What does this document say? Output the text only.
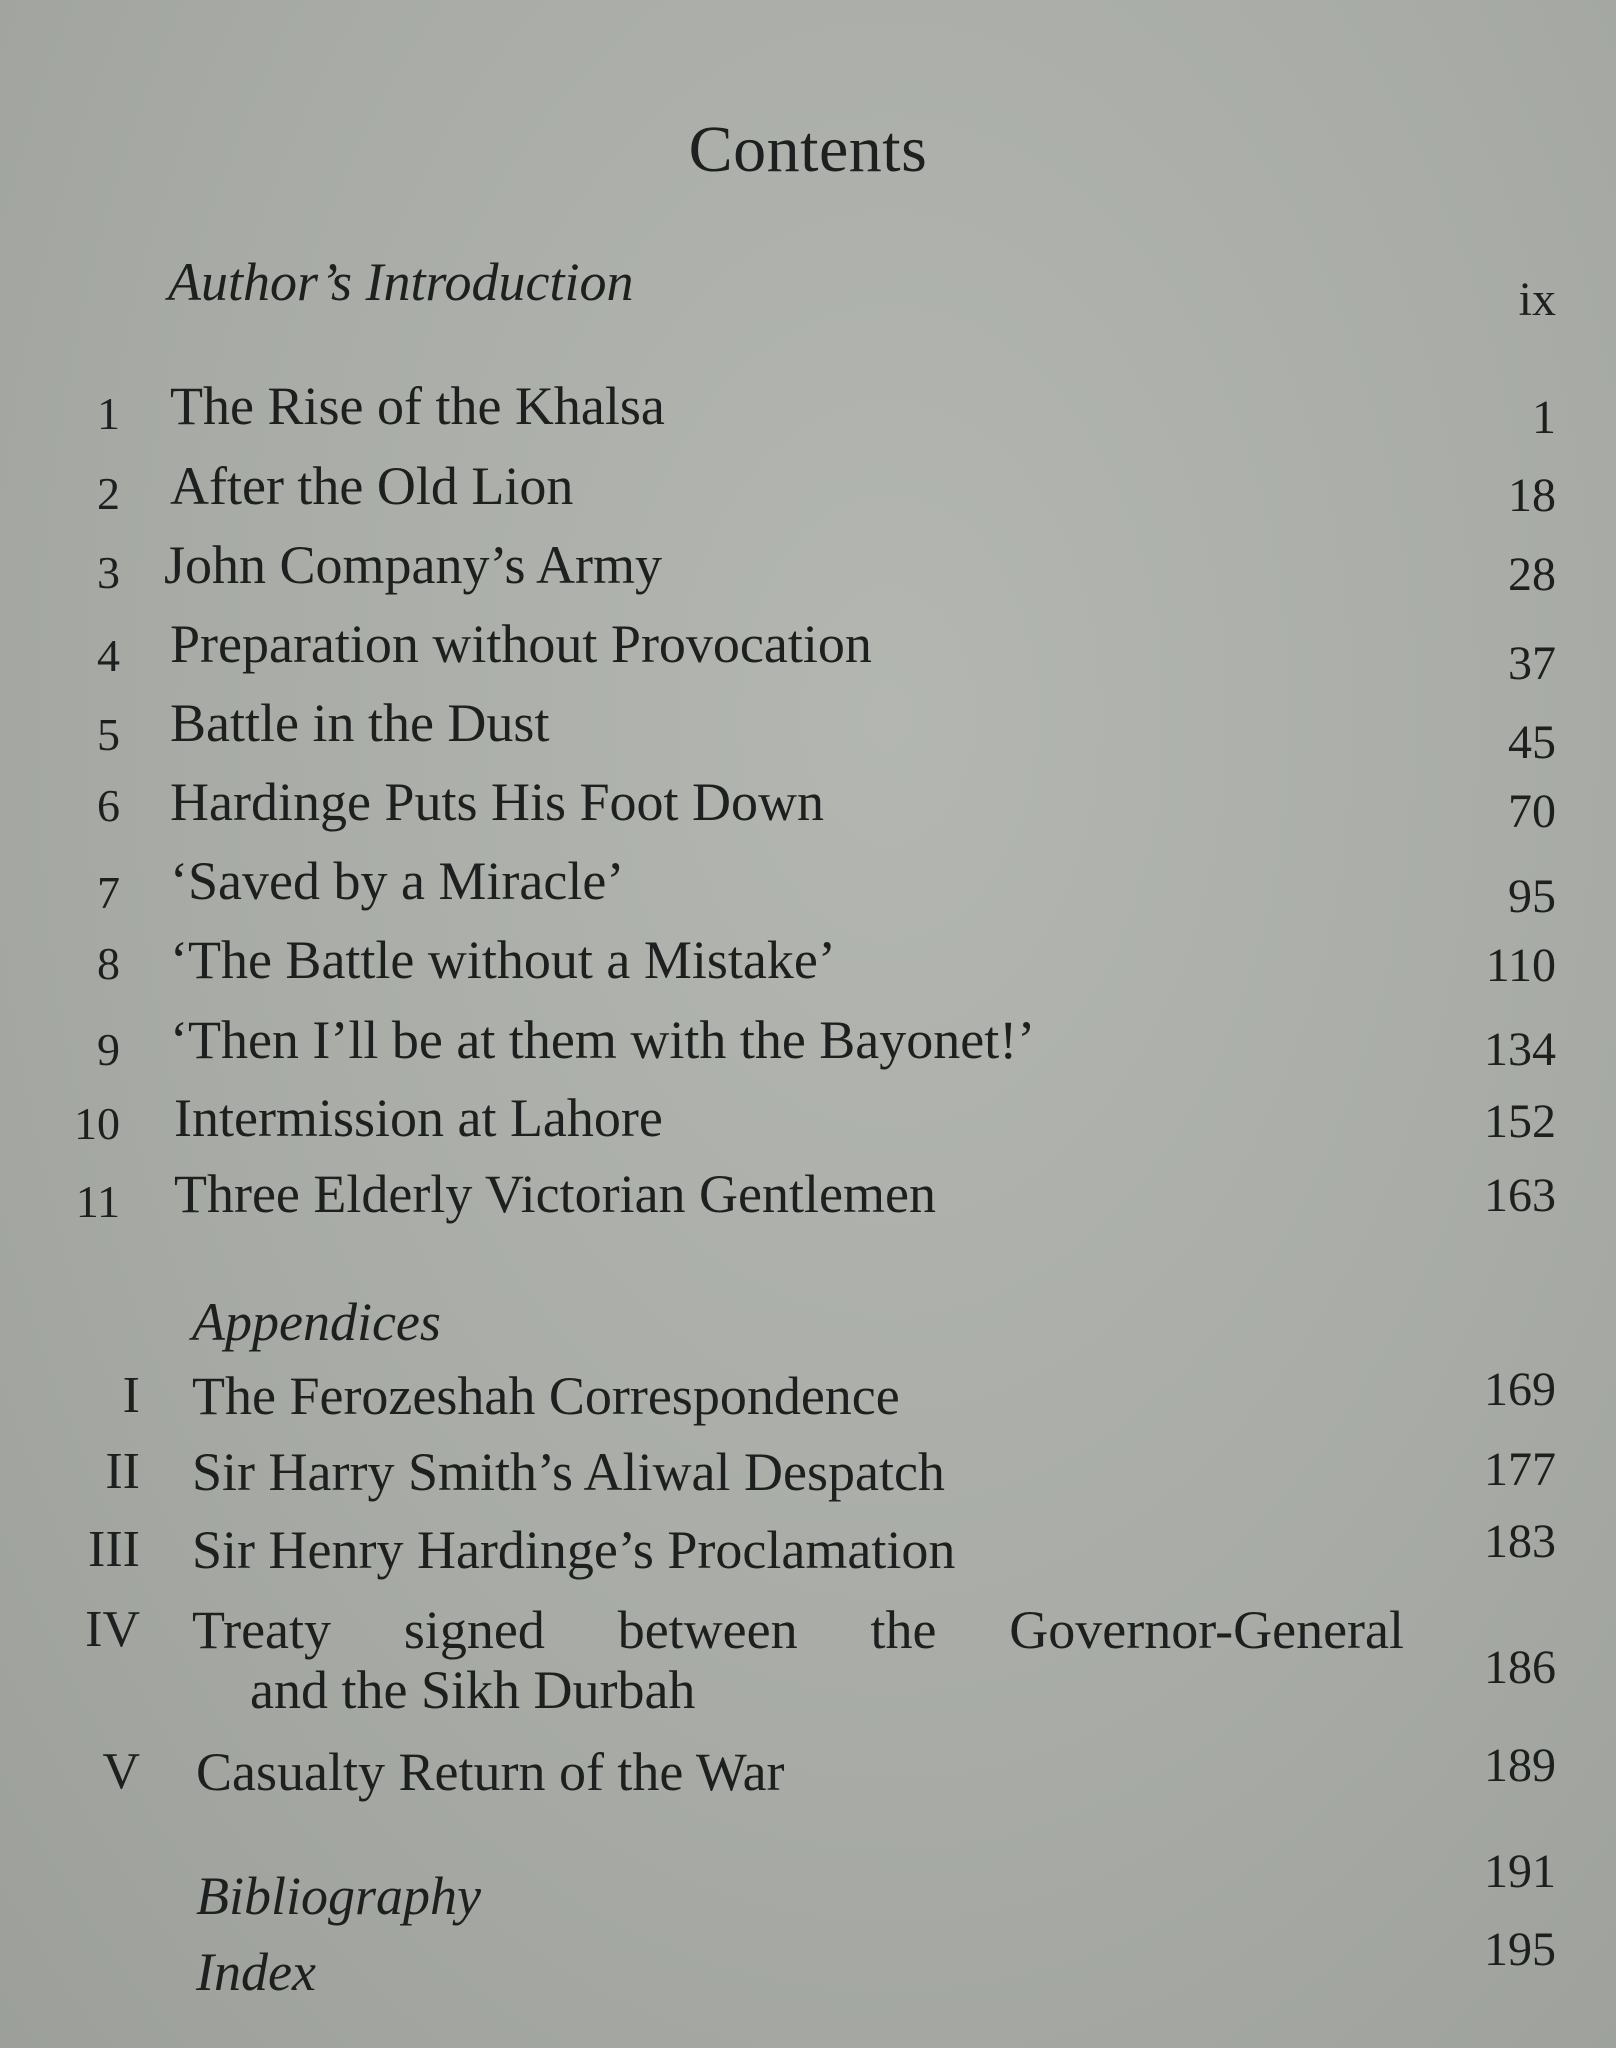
Contents
Author’s Introduction	ix
1 The Rise of the Khalsa	1
2 After the Old Lion	18
3 John Company’s Army	28
4 Preparation without Provocation	37
5 Battle in the Dust	45
6 Hardinge Puts His Foot Down	70
7 ‘Saved by a Miracle’	95
8 ‘The Battle without a Mistake’	110
9 ‘Then I’ll be at them with the Bayonet!’	134
10 Intermission at Lahore	152
11 Three Elderly Victorian Gentlemen	163
Appendices
I The Ferozeshah Correspondence	169
II Sir Harry Smith’s Aliwal Despatch	177
III Sir Henry Hardinge’s Proclamation	183
IV Treaty signed between the Governor-General
and the Sikh Durbah	186
V Casualty Return of the War	189
Bibliography	191
Index	195
